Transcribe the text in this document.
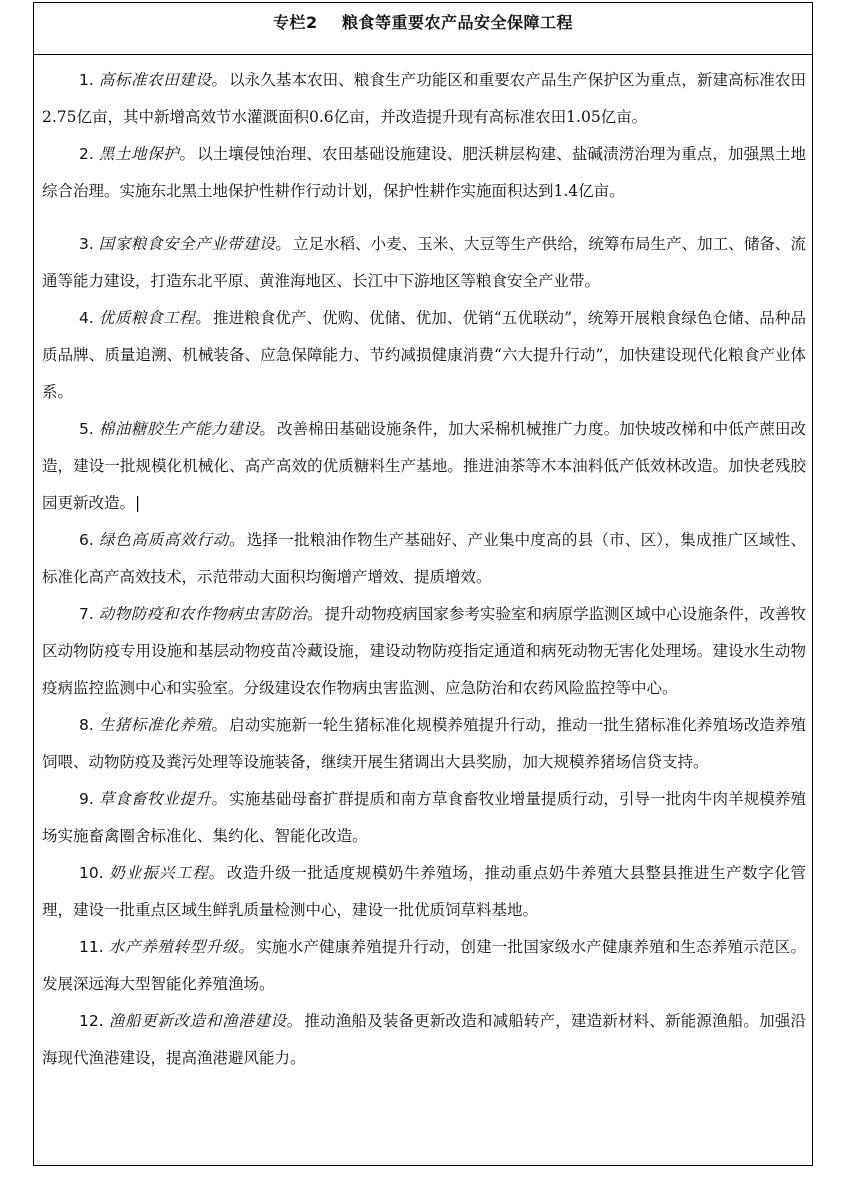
专栏2    粮食等重要农产品安全保障工程

1. 高标准农田建设。 以永久基本农田、粮食生产功能区和重要农产品生产保护区为重点，新建高标准农田2.75亿亩，其中新增高效节水灌溉面积0.6亿亩，并改造提升现有高标准农田1.05亿亩。

2. 黑土地保护。 以土壤侵蚀治理、农田基础设施建设、肥沃耕层构建、盐碱渍涝治理为重点，加强黑土地综合治理。实施东北黑土地保护性耕作行动计划，保护性耕作实施面积达到1.4亿亩。

3. 国家粮食安全产业带建设。 立足水稻、小麦、玉米、大豆等生产供给，统筹布局生产、加工、储备、流通等能力建设，打造东北平原、黄淮海地区、长江中下游地区等粮食安全产业带。

4. 优质粮食工程。 推进粮食优产、优购、优储、优加、优销“五优联动”，统筹开展粮食绿色仓储、品种品质品牌、质量追溯、机械装备、应急保障能力、节约减损健康消费“六大提升行动”，加快建设现代化粮食产业体系。

5. 棉油糖胶生产能力建设。 改善棉田基础设施条件，加大采棉机械推广力度。加快坡改梯和中低产蔗田改造，建设一批规模化机械化、高产高效的优质糖料生产基地。推进油茶等木本油料低产低效林改造。加快老残胶园更新改造。|

6. 绿色高质高效行动。 选择一批粮油作物生产基础好、产业集中度高的县（市、区），集成推广区域性、标准化高产高效技术，示范带动大面积均衡增产增效、提质增效。

7. 动物防疫和农作物病虫害防治。 提升动物疫病国家参考实验室和病原学监测区域中心设施条件，改善牧区动物防疫专用设施和基层动物疫苗冷藏设施，建设动物防疫指定通道和病死动物无害化处理场。建设水生动物疫病监控监测中心和实验室。分级建设农作物病虫害监测、应急防治和农药风险监控等中心。

8. 生猪标准化养殖。 启动实施新一轮生猪标准化规模养殖提升行动，推动一批生猪标准化养殖场改造养殖饲喂、动物防疫及粪污处理等设施装备，继续开展生猪调出大县奖励，加大规模养猪场信贷支持。

9. 草食畜牧业提升。 实施基础母畜扩群提质和南方草食畜牧业增量提质行动，引导一批肉牛肉羊规模养殖场实施畜禽圈舍标准化、集约化、智能化改造。

10. 奶业振兴工程。 改造升级一批适度规模奶牛养殖场，推动重点奶牛养殖大县整县推进生产数字化管理，建设一批重点区域生鲜乳质量检测中心，建设一批优质饲草料基地。

11. 水产养殖转型升级。 实施水产健康养殖提升行动，创建一批国家级水产健康养殖和生态养殖示范区。发展深远海大型智能化养殖渔场。

12. 渔船更新改造和渔港建设。 推动渔船及装备更新改造和减船转产，建造新材料、新能源渔船。加强沿海现代渔港建设，提高渔港避风能力。
